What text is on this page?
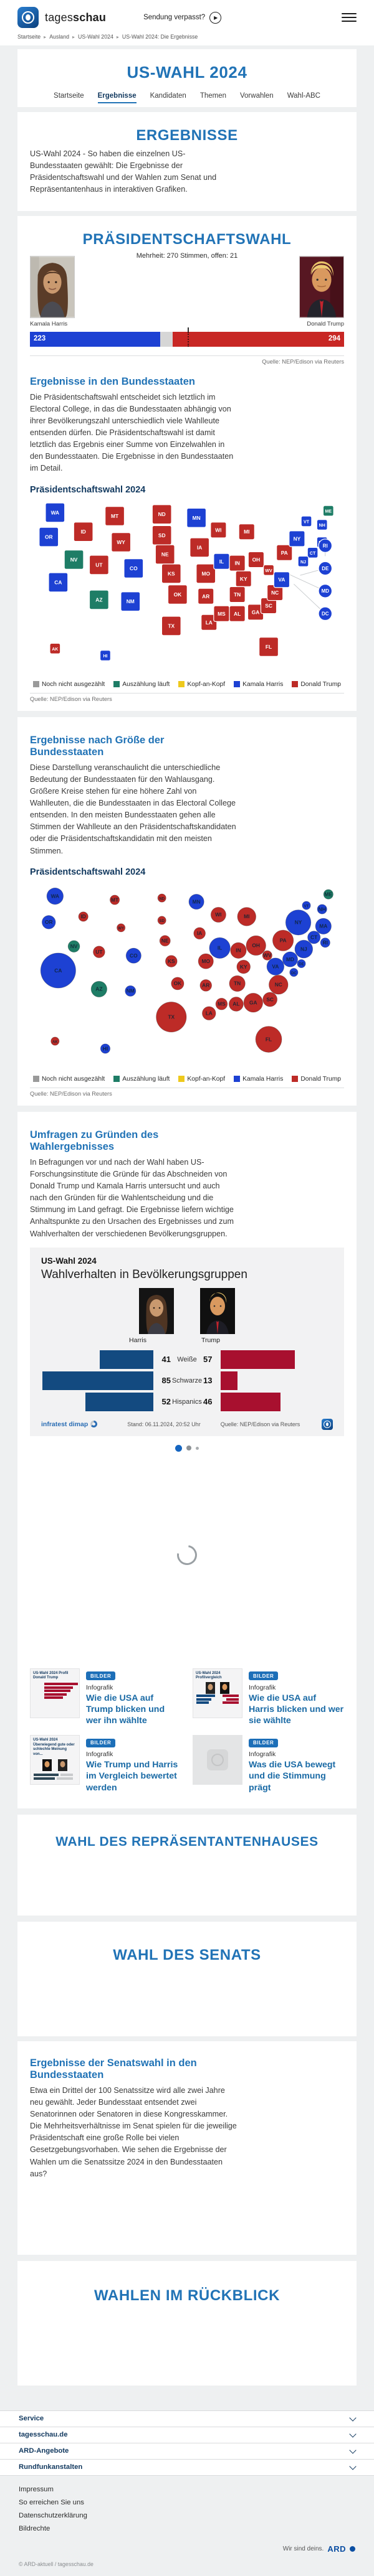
tagesschau	Sendung verpasst?	▶
Startseite ▸ Ausland ▸ US-Wahl 2024 ▸ US-Wahl 2024: Die Ergebnisse
US-WAHL 2024
Startseite Ergebnisse Kandidaten Themen Vorwahlen Wahl-ABC
ERGEBNISSE

US-Wahl 2024 - So haben die einzelnen US-Bundesstaaten gewählt: Die Ergebnisse der Präsidentschaftswahl und der Wahlen zum Senat und Repräsentantenhaus in interaktiven Grafiken.

PRÄSIDENTSCHAFTSWAHL
Mehrheit: 270 Stimmen, offen: 21
Kamala Harris	Donald Trump
223	294
Quelle: NEP/Edison via Reuters
Ergebnisse in den Bundesstaaten

Die Präsidentschaftswahl entscheidet sich letztlich im Electoral College, in das die Bundesstaaten abhängig von ihrer Bevölkerungszahl unterschiedlich viele Wahlleute entsenden dürfen. Die Präsidentschaftswahl ist damit letztlich das Ergebnis einer Summe von Einzelwahlen in den Bundesstaaten. Die Ergebnisse in den Bundesstaaten im Detail.

Präsidentschaftswahl 2024
WA
OR
CA
NV
ID
UT
AZ
MT
WY
CO
NM
ND
SD
NE
KS
OK
TX
MN
IA
MO
AR
LA
WI
IL
MS
MI
IN
KY
TN
AL
OH
GA
FL
SC
NC
VA
WV
PA
NY
VT
NH
ME
CT
NJ
AK
HI
RI
DE
MD
DC
Noch nicht ausgezählt	Auszählung läuft	Kopf-an-Kopf	Kamala Harris	Donald Trump
Quelle: NEP/Edison via Reuters
Ergebnisse nach Größe der Bundesstaaten

Diese Darstellung veranschaulicht die unterschiedliche Bedeutung der Bundesstaaten für den Wahlausgang. Größere Kreise stehen für eine höhere Zahl von Wahlleuten, die die Bundesstaaten in das Electoral College entsenden. In den meisten Bundesstaaten gehen alle Stimmen der Wahlleute an den Präsidentschaftskandidaten oder die Präsidentschaftskandidatin mit den meisten Stimmen.

Präsidentschaftswahl 2024
CA
TX
FL
NY
IL
PA
OH
GA
NC
MI
NJ
VA
WA
AZ
IN
TN
MA
CO
MN
MO
WI
MD
AL
SC
OR
LA
KY
OK
CT
NV
UT
KS
IA
AR
MS
NM
NE
ID
MT
WV
NH
ME
RI
HI
WY
ND
SD
VT
DE
DC
AK
Noch nicht ausgezählt	Auszählung läuft	Kopf-an-Kopf	Kamala Harris	Donald Trump
Quelle: NEP/Edison via Reuters
Umfragen zu Gründen des Wahlergebnisses

In Befragungen vor und nach der Wahl haben US-Forschungsinstitute die Gründe für das Abschneiden von Donald Trump und Kamala Harris untersucht und auch nach den Gründen für die Wahlentscheidung und die Stimmung im Land gefragt. Die Ergebnisse liefern wichtige Anhaltspunkte zu den Ursachen des Ergebnisses und zum Wahlverhalten der verschiedenen Bevölkerungsgruppen.

US-Wahl 2024
Wahlverhalten in Bevölkerungsgruppen
Harris	Trump
41 Weiße 57
85 Schwarze 13
52 Hispanics 46
infratest dimap	Stand: 06.11.2024, 20:52 Uhr	Quelle: NEP/Edison via Reuters
US-Wahl 2024 Profil Donald Trump	BILDER
Infografik
Wie die USA auf Trump blicken und wer ihn wählte
US-Wahl 2024 Profilvergleich	BILDER
Infografik
Wie die USA auf Harris blicken und wer sie wählte
US-Wahl 2024 Überwiegend gute oder schlechte Meinung von...
BILDER
Infografik
Wie Trump und Harris im Vergleich bewertet werden
BILDER
Infografik
Was die USA bewegt und die Stimmung prägt
WAHL DES REPRÄSENTANTENHAUSES
WAHL DES SENATS
Ergebnisse der Senatswahl in den Bundesstaaten

Etwa ein Drittel der 100 Senatssitze wird alle zwei Jahre neu gewählt. Jeder Bundesstaat entsendet zwei Senatorinnen oder Senatoren in diese Kongresskammer. Die Mehrheitsverhältnisse im Senat spielen für die jeweilige Präsidentschaft eine große Rolle bei vielen Gesetzgebungsvorhaben. Wie sehen die Ergebnisse der Wahlen um die Senatssitze 2024 in den Bundesstaaten aus?

WAHLEN IM RÜCKBLICK
Service
tagesschau.de
ARD-Angebote
Rundfunkanstalten
Impressum
So erreichen Sie uns
Datenschutzerklärung
Bildrechte
Wir sind deins. ARD
© ARD-aktuell / tagesschau.de
